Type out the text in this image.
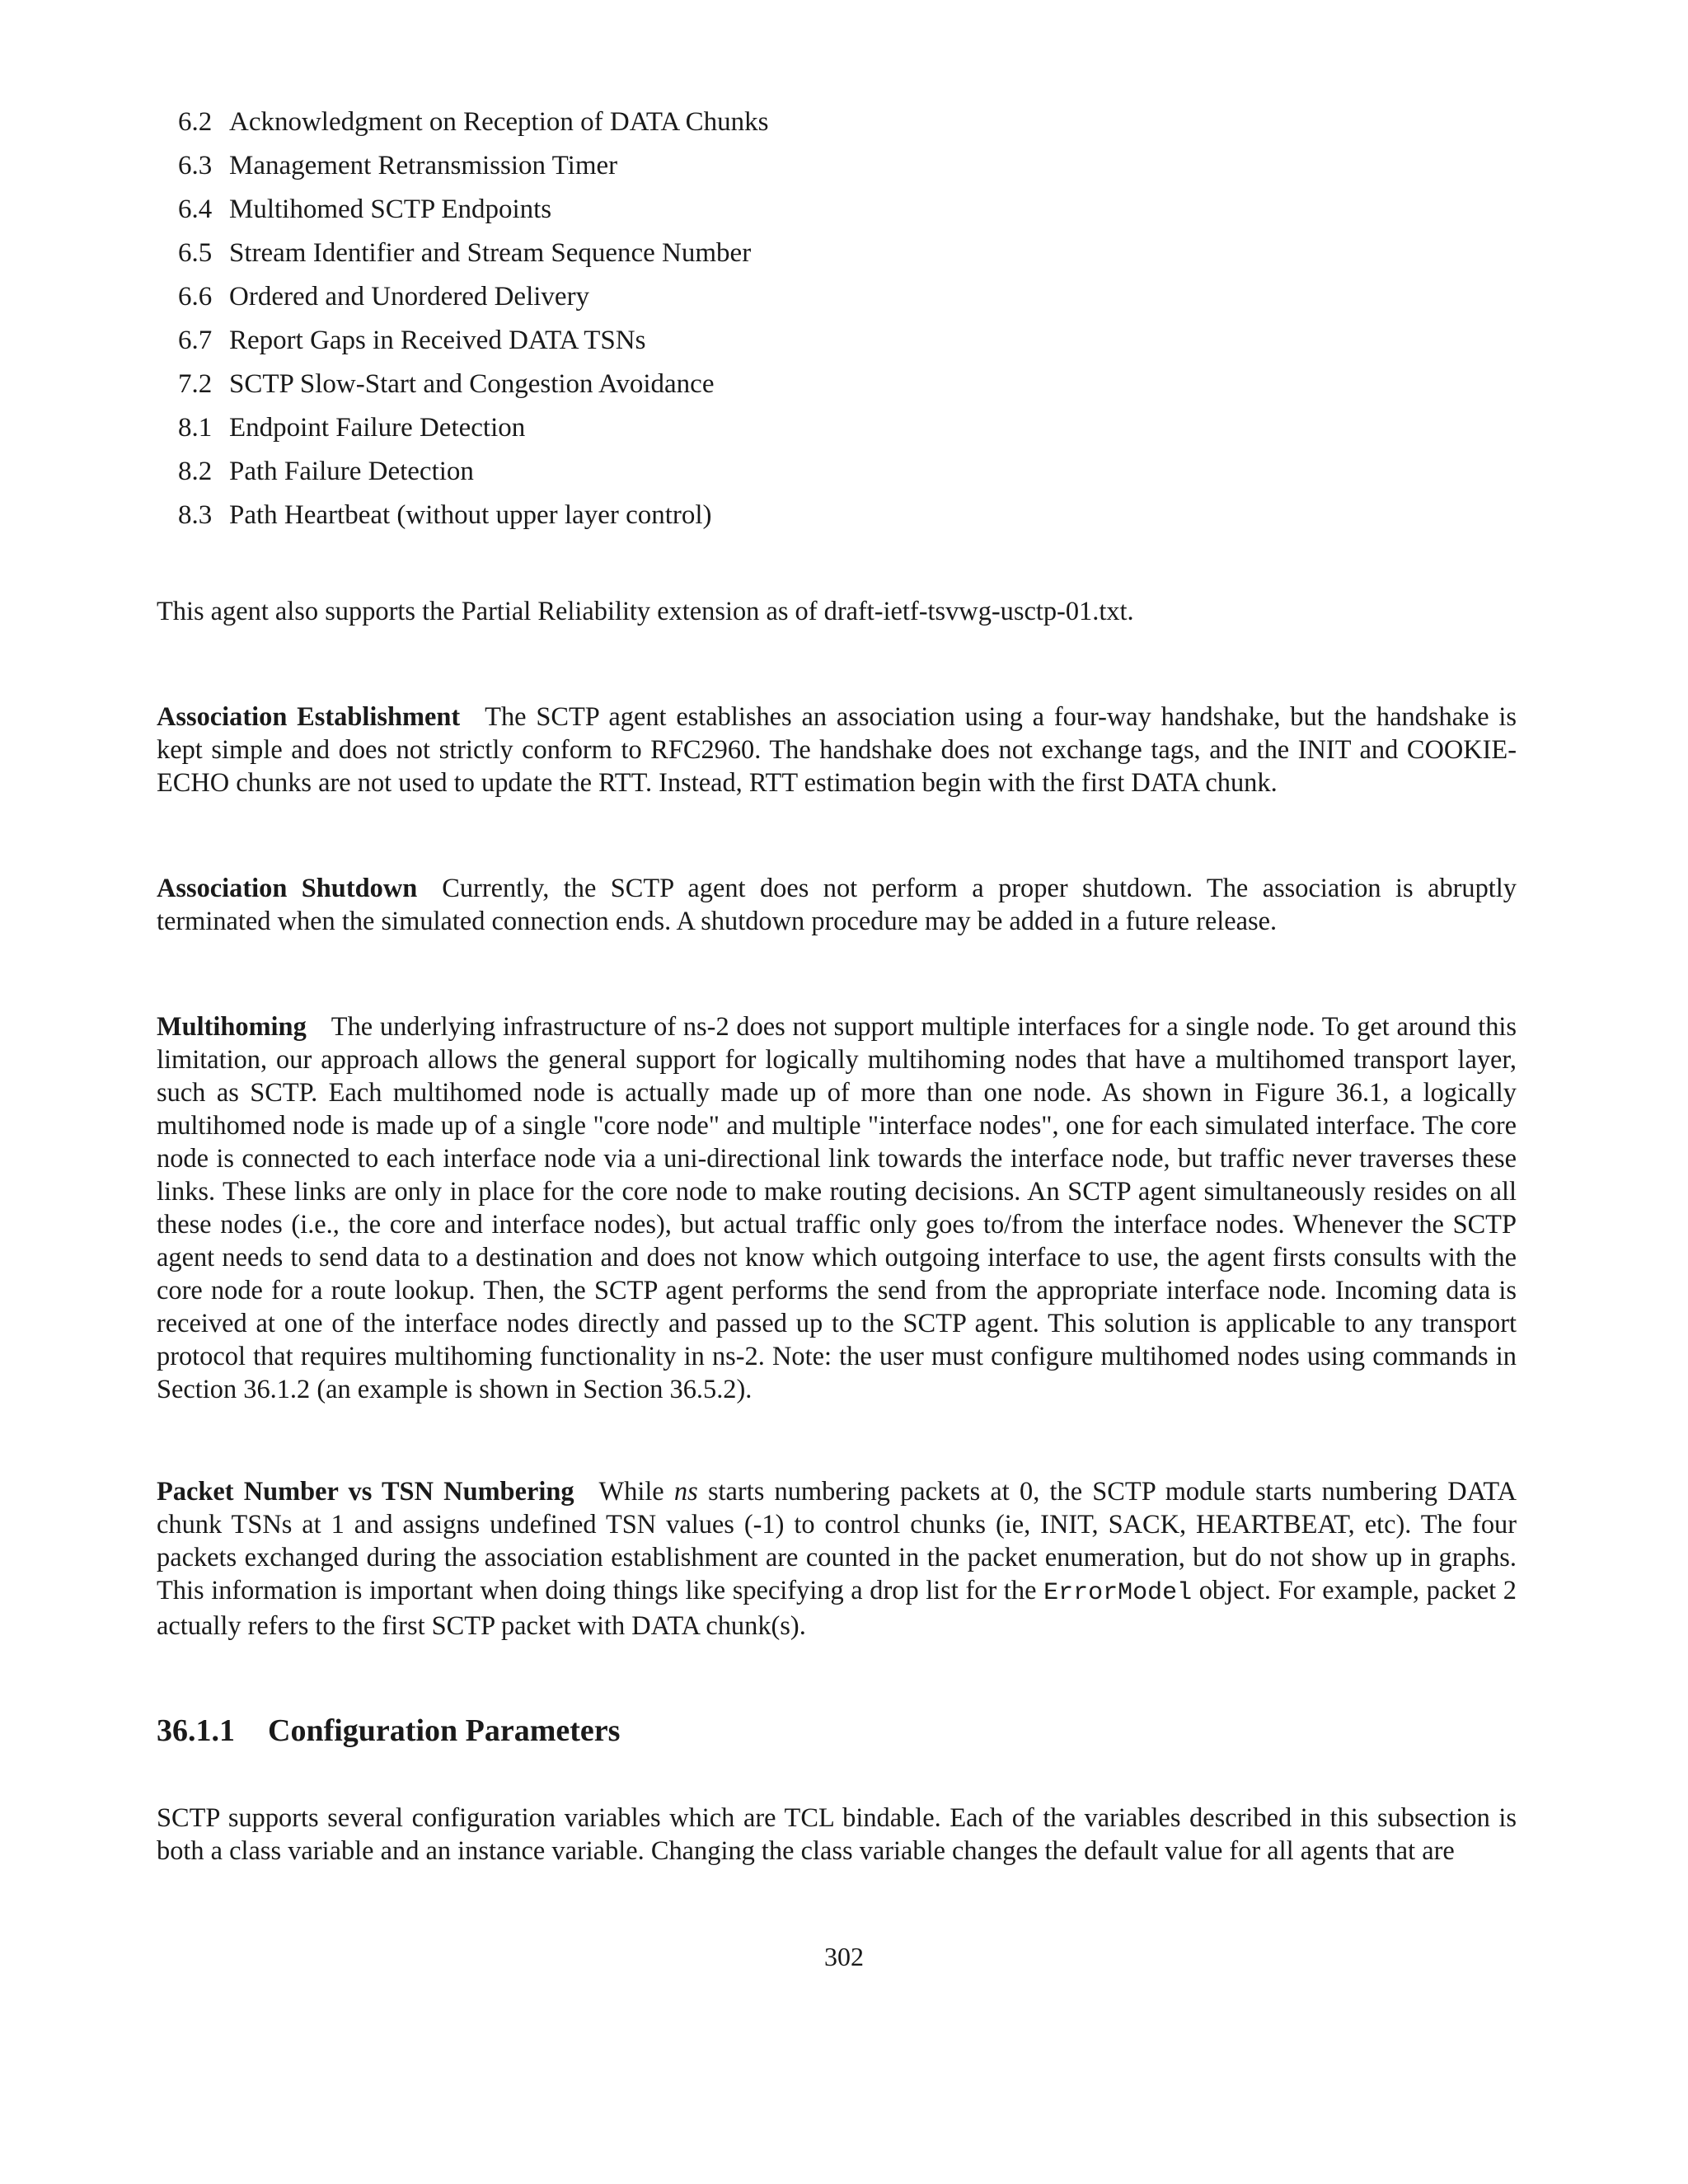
6.2 Acknowledgment on Reception of DATA Chunks
6.3 Management Retransmission Timer
6.4 Multihomed SCTP Endpoints
6.5 Stream Identifier and Stream Sequence Number
6.6 Ordered and Unordered Delivery
6.7 Report Gaps in Received DATA TSNs
7.2 SCTP Slow-Start and Congestion Avoidance
8.1 Endpoint Failure Detection
8.2 Path Failure Detection
8.3 Path Heartbeat (without upper layer control)

This agent also supports the Partial Reliability extension as of draft-ietf-tsvwg-usctp-01.txt.

Association Establishment The SCTP agent establishes an association using a four-way handshake, but the handshake is kept simple and does not strictly conform to RFC2960. The handshake does not exchange tags, and the INIT and COOKIE-ECHO chunks are not used to update the RTT. Instead, RTT estimation begin with the first DATA chunk.

Association Shutdown Currently, the SCTP agent does not perform a proper shutdown. The association is abruptly terminated when the simulated connection ends. A shutdown procedure may be added in a future release.

Multihoming The underlying infrastructure of ns-2 does not support multiple interfaces for a single node. To get around this limitation, our approach allows the general support for logically multihoming nodes that have a multihomed transport layer, such as SCTP. Each multihomed node is actually made up of more than one node. As shown in Figure 36.1, a logically multihomed node is made up of a single "core node" and multiple "interface nodes", one for each simulated interface. The core node is connected to each interface node via a uni-directional link towards the interface node, but traffic never traverses these links. These links are only in place for the core node to make routing decisions. An SCTP agent simultaneously resides on all these nodes (i.e., the core and interface nodes), but actual traffic only goes to/from the interface nodes. Whenever the SCTP agent needs to send data to a destination and does not know which outgoing interface to use, the agent firsts consults with the core node for a route lookup. Then, the SCTP agent performs the send from the appropriate interface node. Incoming data is received at one of the interface nodes directly and passed up to the SCTP agent. This solution is applicable to any transport protocol that requires multihoming functionality in ns-2. Note: the user must configure multihomed nodes using commands in Section 36.1.2 (an example is shown in Section 36.5.2).

Packet Number vs TSN Numbering While ns starts numbering packets at 0, the SCTP module starts numbering DATA chunk TSNs at 1 and assigns undefined TSN values (-1) to control chunks (ie, INIT, SACK, HEARTBEAT, etc). The four packets exchanged during the association establishment are counted in the packet enumeration, but do not show up in graphs. This information is important when doing things like specifying a drop list for the ErrorModel object. For example, packet 2 actually refers to the first SCTP packet with DATA chunk(s).

36.1.1 Configuration Parameters

SCTP supports several configuration variables which are TCL bindable. Each of the variables described in this subsection is both a class variable and an instance variable. Changing the class variable changes the default value for all agents that are

302
